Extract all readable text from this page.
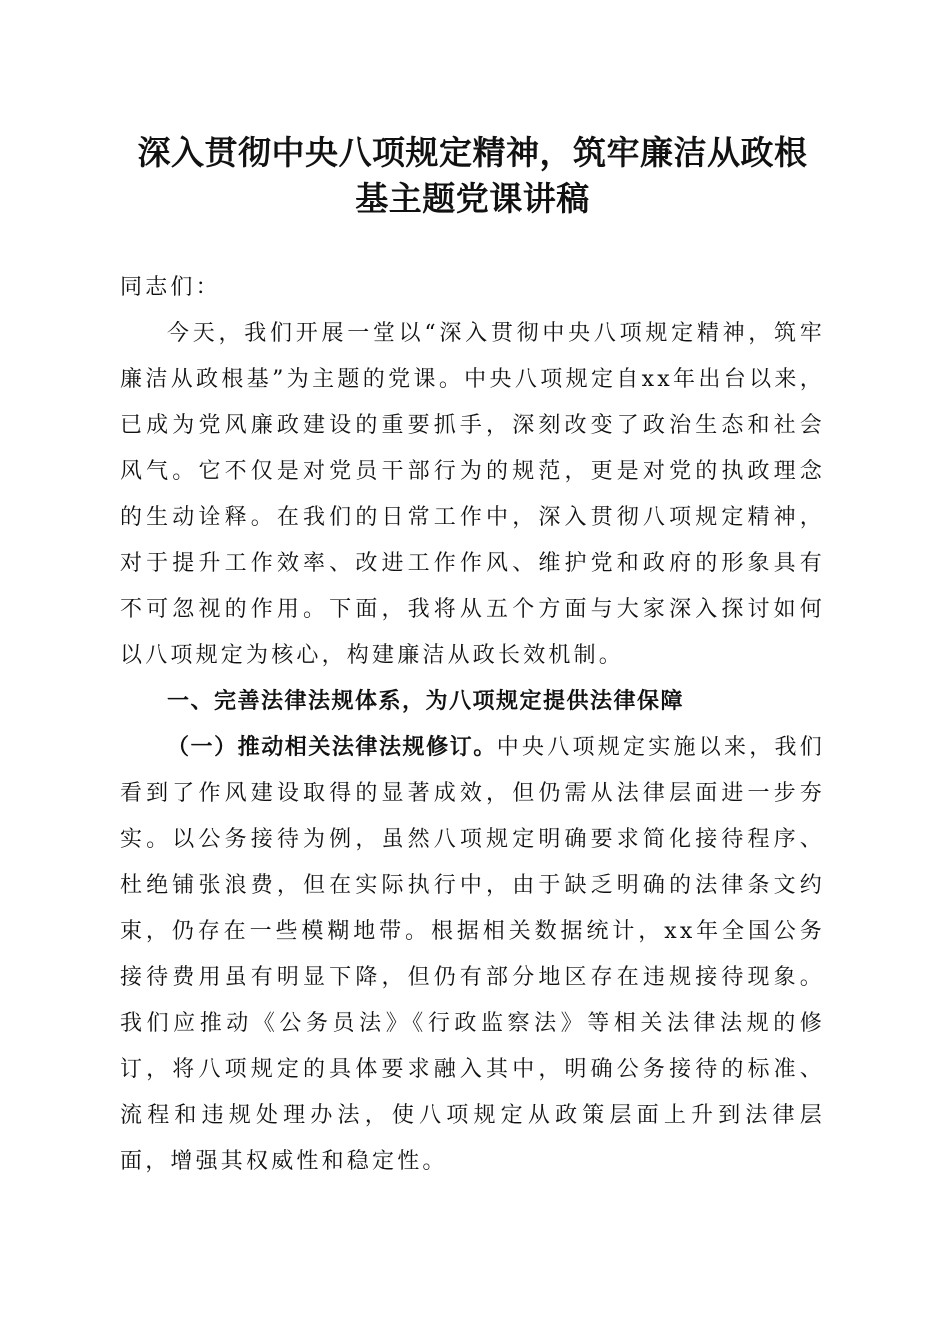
深入贯彻中央八项规定精神，筑牢廉洁从政根
基主题党课讲稿

同志们：

今天，我们开展一堂以“深入贯彻中央八项规定精神，筑牢廉洁从政根基”为主题的党课。中央八项规定自xx年出台以来，已成为党风廉政建设的重要抓手，深刻改变了政治生态和社会风气。它不仅是对党员干部行为的规范，更是对党的执政理念的生动诠释。在我们的日常工作中，深入贯彻八项规定精神，对于提升工作效率、改进工作作风、维护党和政府的形象具有不可忽视的作用。下面，我将从五个方面与大家深入探讨如何以八项规定为核心，构建廉洁从政长效机制。

一、完善法律法规体系，为八项规定提供法律保障

（一）推动相关法律法规修订。中央八项规定实施以来，我们看到了作风建设取得的显著成效，但仍需从法律层面进一步夯实。以公务接待为例，虽然八项规定明确要求简化接待程序、杜绝铺张浪费，但在实际执行中，由于缺乏明确的法律条文约束，仍存在一些模糊地带。根据相关数据统计，xx年全国公务接待费用虽有明显下降，但仍有部分地区存在违规接待现象。我们应推动《公务员法》《行政监察法》等相关法律法规的修订，将八项规定的具体要求融入其中，明确公务接待的标准、流程和违规处理办法，使八项规定从政策层面上升到法律层面，增强其权威性和稳定性。
